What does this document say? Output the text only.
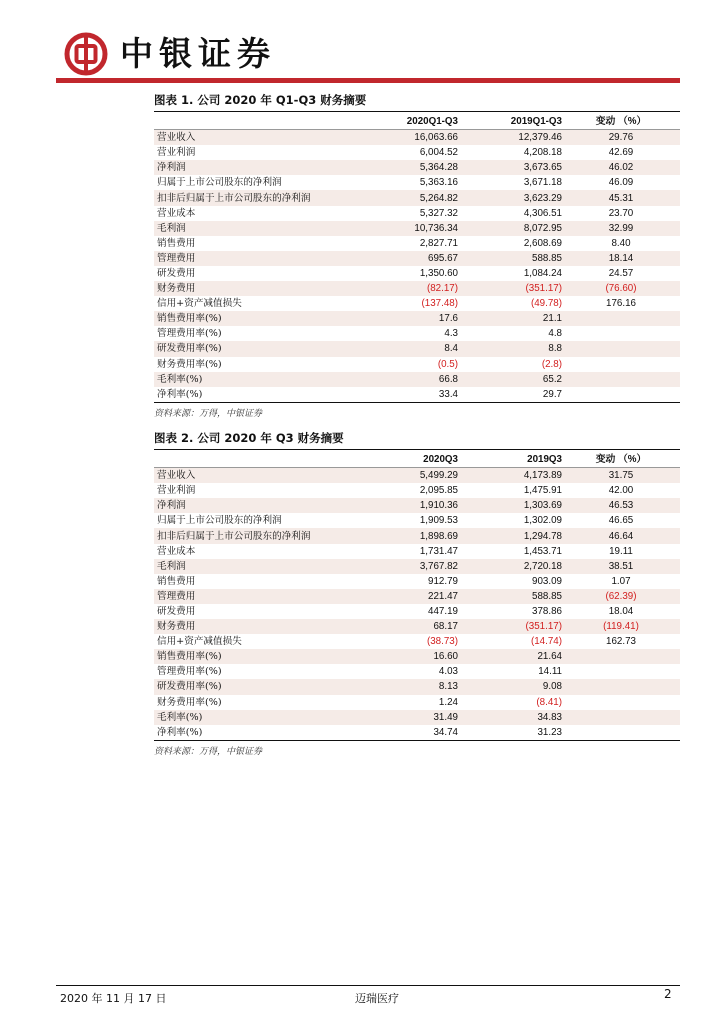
中银证券
图表 1. 公司 2020 年 Q1-Q3 财务摘要
	2020Q1-Q3	2019Q1-Q3	变动 （%）
营业收入	16,063.66	12,379.46	29.76
营业利润	6,004.52	4,208.18	42.69
净利润	5,364.28	3,673.65	46.02
归属于上市公司股东的净利润	5,363.16	3,671.18	46.09
扣非后归属于上市公司股东的净利润	5,264.82	3,623.29	45.31
营业成本	5,327.32	4,306.51	23.70
毛利润	10,736.34	8,072.95	32.99
销售费用	2,827.71	2,608.69	8.40
管理费用	695.67	588.85	18.14
研发费用	1,350.60	1,084.24	24.57
财务费用	(82.17)	(351.17)	(76.60)
信用+资产减值损失	(137.48)	(49.78)	176.16
销售费用率(%)	17.6	21.1	
管理费用率(%)	4.3	4.8	
研发费用率(%)	8.4	8.8	
财务费用率(%)	(0.5)	(2.8)	
毛利率(%)	66.8	65.2	
净利率(%)	33.4	29.7	
资料来源：万得，中银证券
图表 2. 公司 2020 年 Q3 财务摘要
	2020Q3	2019Q3	变动 （%）
营业收入	5,499.29	4,173.89	31.75
营业利润	2,095.85	1,475.91	42.00
净利润	1,910.36	1,303.69	46.53
归属于上市公司股东的净利润	1,909.53	1,302.09	46.65
扣非后归属于上市公司股东的净利润	1,898.69	1,294.78	46.64
营业成本	1,731.47	1,453.71	19.11
毛利润	3,767.82	2,720.18	38.51
销售费用	912.79	903.09	1.07
管理费用	221.47	588.85	(62.39)
研发费用	447.19	378.86	18.04
财务费用	68.17	(351.17)	(119.41)
信用+资产减值损失	(38.73)	(14.74)	162.73
销售费用率(%)	16.60	21.64	
管理费用率(%)	4.03	14.11	
研发费用率(%)	8.13	9.08	
财务费用率(%)	1.24	(8.41)	
毛利率(%)	31.49	34.83	
净利率(%)	34.74	31.23	
资料来源：万得，中银证券
2020 年 11 月 17 日	迈瑞医疗	2
